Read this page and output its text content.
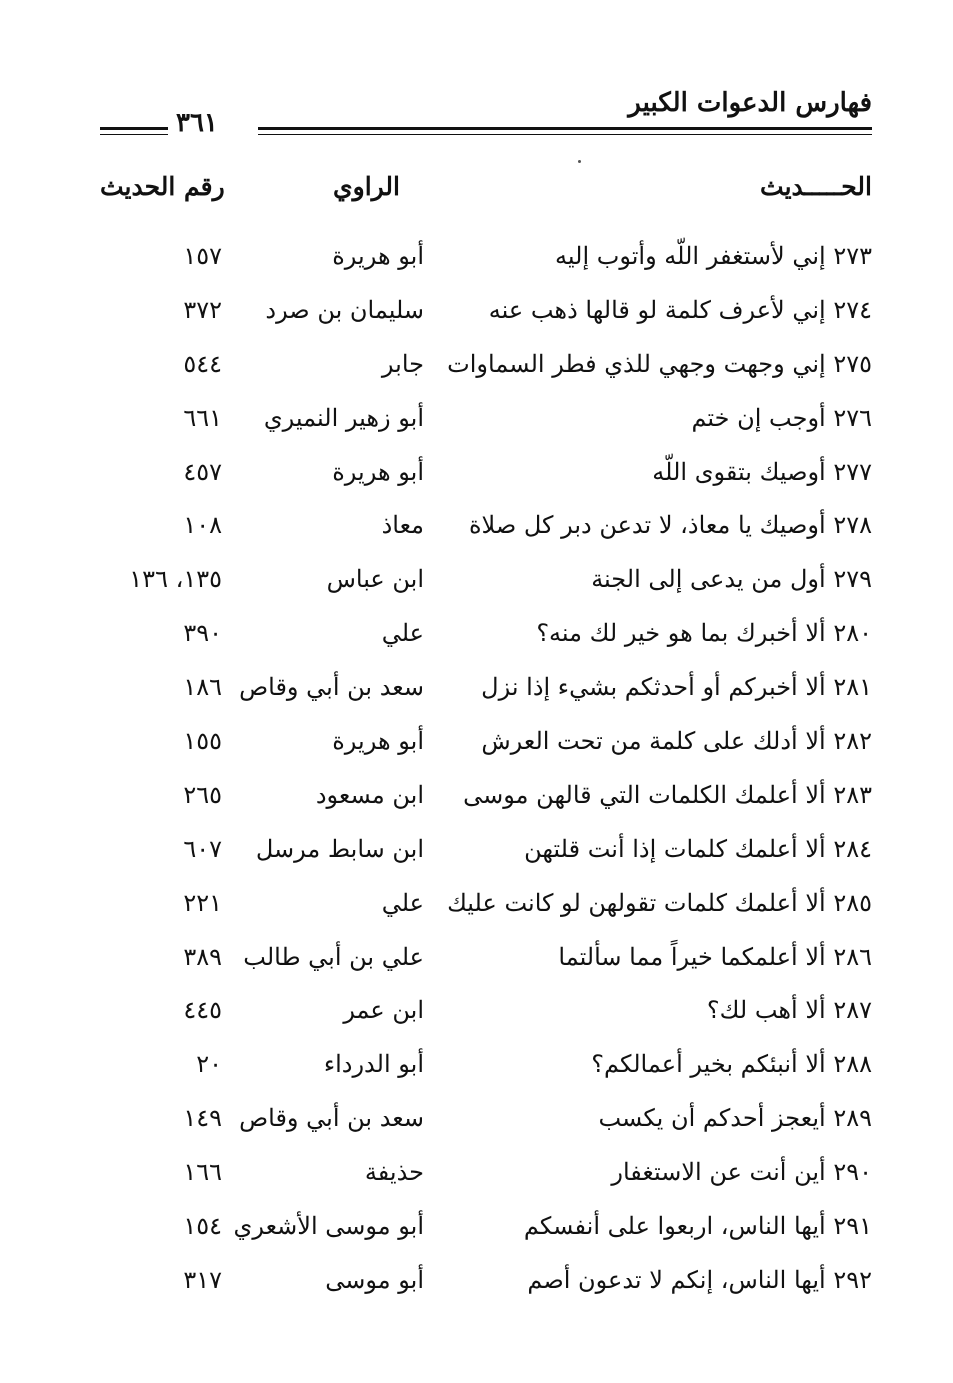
فهارس الدعوات الكبير
٣٦١
الحـــــديث
الراوي
رقم الحديث
٢٧٣ إني لأستغفر اللّه وأتوب إليه
أبو هريرة
١٥٧
٢٧٤ إني لأعرف كلمة لو قالها ذهب عنه
سليمان بن صرد
٣٧٢
٢٧٥ إني وجهت وجهي للذي فطر السماوات
جابر
٥٤٤
٢٧٦ أوجب إن ختم
أبو زهير النميري
٦٦١
٢٧٧ أوصيك بتقوى اللّه
أبو هريرة
٤٥٧
٢٧٨ أوصيك يا معاذ، لا تدعن دبر كل صلاة
معاذ
١٠٨
٢٧٩ أول من يدعى إلى الجنة
ابن عباس
١٣٥، ١٣٦
٢٨٠ ألا أخبرك بما هو خير لك منه؟
علي
٣٩٠
٢٨١ ألا أخبركم أو أحدثكم بشيء إذا نزل
سعد بن أبي وقاص
١٨٦
٢٨٢ ألا أدلك على كلمة من تحت العرش
أبو هريرة
١٥٥
٢٨٣ ألا أعلمك الكلمات التي قالهن موسى
ابن مسعود
٢٦٥
٢٨٤ ألا أعلمك كلمات إذا أنت قلتهن
ابن سابط مرسل
٦٠٧
٢٨٥ ألا أعلمك كلمات تقولهن لو كانت عليك
علي
٢٢١
٢٨٦ ألا أعلمكما خيراً مما سألتما
علي بن أبي طالب
٣٨٩
٢٨٧ ألا أهب لك؟
ابن عمر
٤٤٥
٢٨٨ ألا أنبئكم بخير أعمالكم؟
أبو الدرداء
٢٠
٢٨٩ أيعجز أحدكم أن يكسب
سعد بن أبي وقاص
١٤٩
٢٩٠ أين أنت عن الاستغفار
حذيفة
١٦٦
٢٩١ أيها الناس، اربعوا على أنفسكم
أبو موسى الأشعري
١٥٤
٢٩٢ أيها الناس، إنكم لا تدعون أصم
أبو موسى
٣١٧
